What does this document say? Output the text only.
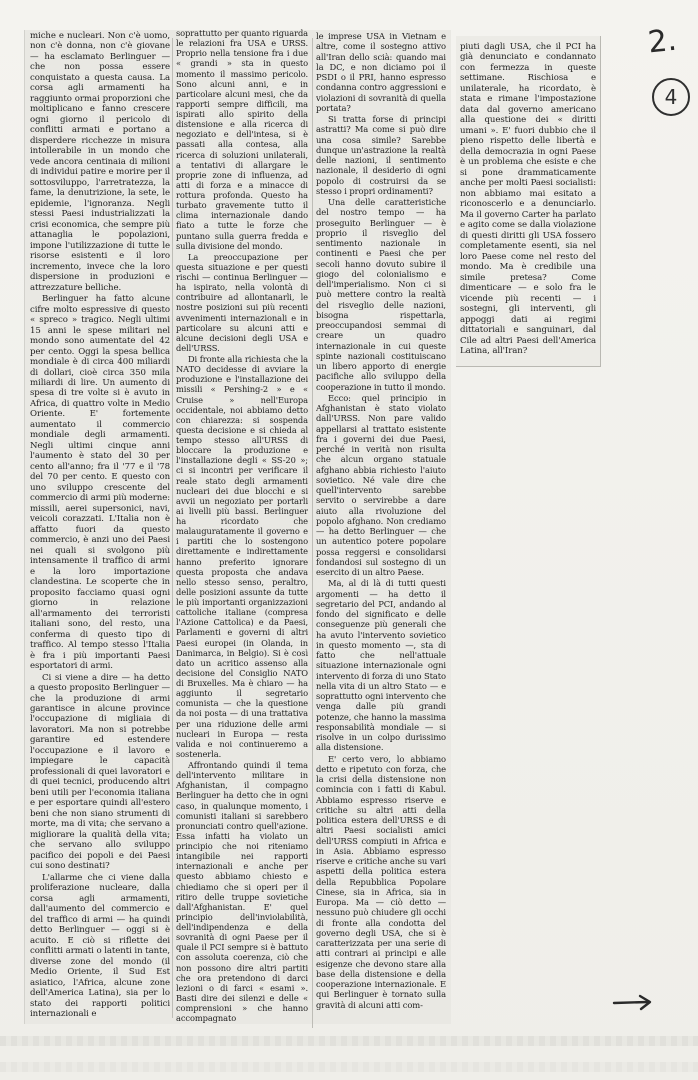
miche e nucleari. Non c'è uomo, non c'è donna, non c'è giovane — ha esclamato Berlinguer — che non possa essere conquistato a questa causa. La corsa agli armamenti ha raggiunto ormai proporzioni che moltiplicano e fanno crescere ogni giorno il pericolo di conflitti armati e portano a disperdere ricchezze in misura intollerabile in un mondo che vede ancora centinaia di milioni di individui patire e morire per il sottosviluppo, l'arretratezza, la fame, la denutrizione, la sete, le epidemie, l'ignoranza. Negli stessi Paesi industrializzati la crisi economica, che sempre più attanaglia le popolazioni, impone l'utilizzazione di tutte le risorse esistenti e il loro incremento, invece che la loro dispersione in produzioni e attrezzature belliche.

Berlinguer ha fatto alcune cifre molto espressive di questo « spreco » tragico. Negli ultimi 15 anni le spese militari nel mondo sono aumentate del 42 per cento. Oggi la spesa bellica mondiale è di circa 400 miliardi di dollari, cioè circa 350 mila miliardi di lire. Un aumento di spesa di tre volte si è avuto in Africa, di quattro volte in Medio Oriente. E' fortemente aumentato il commercio mondiale degli armamenti. Negli ultimi cinque anni l'aumento è stato del 30 per cento all'anno; fra il '77 e il '78 del 70 per cento. E questo con uno sviluppo crescente del commercio di armi più moderne: missili, aerei supersonici, navi, veicoli corazzati. L'Italia non è affatto fuori da questo commercio, è anzi uno dei Paesi nei quali si svolgono più intensamente il traffico di armi e la loro importazione clandestina. Le scoperte che in proposito facciamo quasi ogni giorno in relazione all'armamento dei terroristi italiani sono, del resto, una conferma di questo tipo di traffico. Al tempo stesso l'Italia è fra i più importanti Paesi esportatori di armi.

Ci si viene a dire — ha detto a questo proposito Berlinguer — che la produzione di armi garantisce in alcune province l'occupazione di migliaia di lavoratori. Ma non si potrebbe garantire ed estendere l'occupazione e il lavoro e impiegare le capacità professionali di quei lavoratori e di quei tecnici, producendo altri beni utili per l'economia italiana e per esportare quindi all'estero beni che non siano strumenti di morte, ma di vita; che servano a migliorare la qualità della vita; che servano allo sviluppo pacifico dei popoli e dei Paesi cui sono destinati?

L'allarme che ci viene dalla proliferazione nucleare, dalla corsa agli armamenti, dall'aumento del commercio e del traffico di armi — ha quindi detto Berlinguer — oggi si è acuito. E ciò si riflette dei conflitti armati o latenti in tante, diverse zone del mondo (il Medio Oriente, il Sud Est asiatico, l'Africa, alcune zone dell'America Latina), sia per lo stato dei rapporti politici internazionali e

soprattutto per quanto riguarda le relazioni fra USA e URSS. Proprio nella tensione fra i due « grandi » sta in questo momento il massimo pericolo. Sono alcuni anni, e in particolare alcuni mesi, che da rapporti sempre difficili, ma ispirati allo spirito della distensione e alla ricerca di negoziato e dell'intesa, si è passati alla contesa, alla ricerca di soluzioni unilaterali, a tentativi di allargare le proprie zone di influenza, ad atti di forza e a minacce di rottura profonda. Questo ha turbato gravemente tutto il clima internazionale dando fiato a tutte le forze che puntano sulla guerra fredda e sulla divisione del mondo.

La preoccupazione per questa situazione e per questi rischi — continua Berlinguer — ha ispirato, nella volontà di contribuire ad allontanarli, le nostre posizioni sui più recenti avvenimenti internazionali e in particolare su alcuni atti e alcune decisioni degli USA e dell'URSS.

Di fronte alla richiesta che la NATO decidesse di avviare la produzione e l'installazione dei missili « Pershing-2 » e « Cruise » nell'Europa occidentale, noi abbiamo detto con chiarezza: si sospenda questa decisione e si chieda al tempo stesso all'URSS di bloccare la produzione e l'installazione degli « SS-20 »; ci si incontri per verificare il reale stato degli armamenti nucleari dei due blocchi e si avvii un negoziato per portarli ai livelli più bassi. Berlinguer ha ricordato che malauguratamente il governo e i partiti che lo sostengono direttamente e indirettamente hanno preferito ignorare questa proposta che andava nello stesso senso, peraltro, delle posizioni assunte da tutte le più importanti organizzazioni cattoliche italiane (compresa l'Azione Cattolica) e da Paesi, Parlamenti e governi di altri Paesi europei (in Olanda, in Danimarca, in Belgio). Si è così dato un acritico assenso alla decisione del Consiglio NATO di Bruxelles. Ma è chiaro — ha aggiunto il segretario comunista — che la questione da noi posta — di una trattativa per una riduzione delle armi nucleari in Europa — resta valida e noi continueremo a sostenerla.

Affrontando quindi il tema dell'intervento militare in Afghanistan, il compagno Berlinguer ha detto che in ogni caso, in qualunque momento, i comunisti italiani si sarebbero pronunciati contro quell'azione. Essa infatti ha violato un principio che noi riteniamo intangibile nei rapporti internazionali e anche per questo abbiamo chiesto e chiediamo che si operi per il ritiro delle truppe sovietiche dall'Afghanistan. E' quel principio dell'inviolabilità, dell'indipendenza e della sovranità di ogni Paese per il quale il PCI sempre si è battuto con assoluta coerenza, ciò che non possono dire altri partiti che ora pretendono di darci lezioni o di farci « esami ». Basti dire dei silenzi e delle « comprensioni » che hanno accompagnato

le imprese USA in Vietnam e altre, come il sostegno attivo all'Iran dello scià: quando mai la DC, e non diciamo poi il PSDI o il PRI, hanno espresso condanna contro aggressioni e violazioni di sovranità di quella portata?

Si tratta forse di principi astratti? Ma come si può dire una cosa simile? Sarebbe dunque un'astrazione la realtà delle nazioni, il sentimento nazionale, il desiderio di ogni popolo di costruirsi da se stesso i propri ordinamenti?

Una delle caratteristiche del nostro tempo — ha proseguito Berlinguer — è proprio il risveglio del sentimento nazionale in continenti e Paesi che per secoli hanno dovuto subire il giogo del colonialismo e dell'imperialismo. Non ci si può mettere contro la realtà del risveglio delle nazioni, bisogna rispettarla, preoccupandosi semmai di creare un quadro internazionale in cui queste spinte nazionali costituiscano un libero apporto di energie pacifiche allo sviluppo della cooperazione in tutto il mondo.

Ecco: quel principio in Afghanistan è stato violato dall'URSS. Non pare valido appellarsi al trattato esistente fra i governi dei due Paesi, perché in verità non risulta che alcun organo statuale afghano abbia richiesto l'aiuto sovietico. Né vale dire che quell'intervento sarebbe servito o servirebbe a dare aiuto alla rivoluzione del popolo afghano. Non crediamo — ha detto Berlinguer — che un autentico potere popolare possa reggersi e consolidarsi fondandosi sul sostegno di un esercito di un altro Paese.

Ma, al di là di tutti questi argomenti — ha detto il segretario del PCI, andando al fondo del significato e delle conseguenze più generali che ha avuto l'intervento sovietico in questo momento —, sta di fatto che nell'attuale situazione internazionale ogni intervento di forza di uno Stato nella vita di un altro Stato — e soprattutto ogni intervento che venga dalle più grandi potenze, che hanno la massima responsabilità mondiale — si risolve in un colpo durissimo alla distensione.

E' certo vero, lo abbiamo detto e ripetuto con forza, che la crisi della distensione non comincia con i fatti di Kabul. Abbiamo espresso riserve e critiche su altri atti della politica estera dell'URSS e di altri Paesi socialisti amici dell'URSS compiuti in Africa e in Asia. Abbiamo espresso riserve e critiche anche su vari aspetti della politica estera della Repubblica Popolare Cinese, sia in Africa, sia in Europa. Ma — ciò detto — nessuno può chiudere gli occhi di fronte alla condotta del governo degli USA, che si è caratterizzata per una serie di atti contrari ai principi e alle esigenze che devono stare alla base della distensione e della cooperazione internazionale. E qui Berlinguer è tornato sulla gravità di alcuni atti com-

piuti dagli USA, che il PCI ha già denunciato e condannato con fermezza in queste settimane. Rischiosa e unilaterale, ha ricordato, è stata e rimane l'impostazione data dal governo americano alla questione dei « diritti umani ». E' fuori dubbio che il pieno rispetto delle libertà e della democrazia in ogni Paese è un problema che esiste e che si pone drammaticamente anche per molti Paesi socialisti: non abbiamo mai esitato a riconoscerlo e a denunciarlo. Ma il governo Carter ha parlato e agito come se dalla violazione di questi diritti gli USA fossero completamente esenti, sia nel loro Paese come nel resto del mondo. Ma è credibile una simile pretesa? Come dimenticare — e solo fra le vicende più recenti — i sostegni, gli interventi, gli appoggi dati ai regimi dittatoriali e sanguinari, dal Cile ad altri Paesi dell'America Latina, all'Iran?

2.
4
